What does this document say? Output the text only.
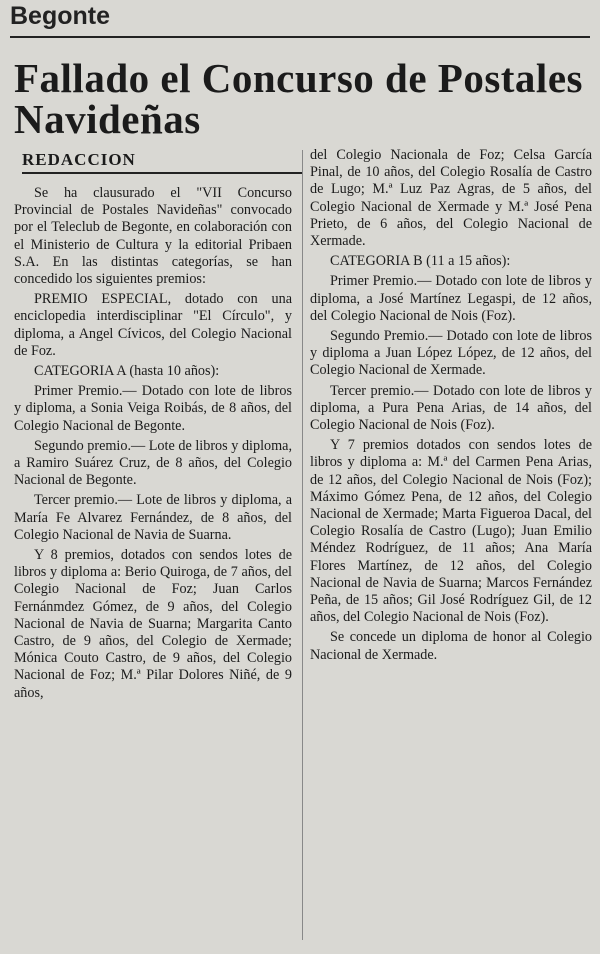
Begonte
Fallado el Concurso de Postales Navideñas
REDACCION

Se ha clausurado el "VII Concurso Provincial de Postales Navideñas" convocado por el Teleclub de Begonte, en colaboración con el Ministerio de Cultura y la editorial Pribaen S.A. En las distintas categorías, se han concedido los siguientes premios:

PREMIO ESPECIAL, dotado con una enciclopedia interdisciplinar "El Círculo", y diploma, a Angel Cívicos, del Colegio Nacional de Foz.

CATEGORIA A (hasta 10 años):

Primer Premio.— Dotado con lote de libros y diploma, a Sonia Veiga Roibás, de 8 años, del Colegio Nacional de Begonte.

Segundo premio.— Lote de libros y diploma, a Ramiro Suárez Cruz, de 8 años, del Colegio Nacional de Begonte.

Tercer premio.— Lote de libros y diploma, a María Fe Alvarez Fernández, de 8 años, del Colegio Nacional de Navia de Suarna.

Y 8 premios, dotados con sendos lotes de libros y diploma a: Berio Quiroga, de 7 años, del Colegio Nacional de Foz; Juan Carlos Fernánmdez Gómez, de 9 años, del Colegio Nacional de Navia de Suarna; Margarita Canto Castro, de 9 años, del Colegio de Xermade; Mónica Couto Castro, de 9 años, del Colegio Nacional de Foz; M.ª Pilar Dolores Niñé, de 9 años,

del Colegio Nacionala de Foz; Celsa García Pinal, de 10 años, del Colegio Rosalía de Castro de Lugo; M.ª Luz Paz Agras, de 5 años, del Colegio Nacional de Xermade y M.ª José Pena Prieto, de 6 años, del Colegio Nacional de Xermade.

CATEGORIA B (11 a 15 años):

Primer Premio.— Dotado con lote de libros y diploma, a José Martínez Legaspi, de 12 años, del Colegio Nacional de Nois (Foz).

Segundo Premio.— Dotado con lote de libros y diploma a Juan López López, de 12 años, del Colegio Nacional de Xermade.

Tercer premio.— Dotado con lote de libros y diploma, a Pura Pena Arias, de 14 años, del Colegio Nacional de Nois (Foz).

Y 7 premios dotados con sendos lotes de libros y diploma a: M.ª del Carmen Pena Arias, de 12 años, del Colegio Nacional de Nois (Foz); Máximo Gómez Pena, de 12 años, del Colegio Nacional de Xermade; Marta Figueroa Dacal, del Colegio Rosalía de Castro (Lugo); Juan Emilio Méndez Rodríguez, de 11 años; Ana María Flores Martínez, de 12 años, del Colegio Nacional de Navia de Suarna; Marcos Fernández Peña, de 15 años; Gil José Rodríguez Gil, de 12 años, del Colegio Nacional de Nois (Foz).

Se concede un diploma de honor al Colegio Nacional de Xermade.
